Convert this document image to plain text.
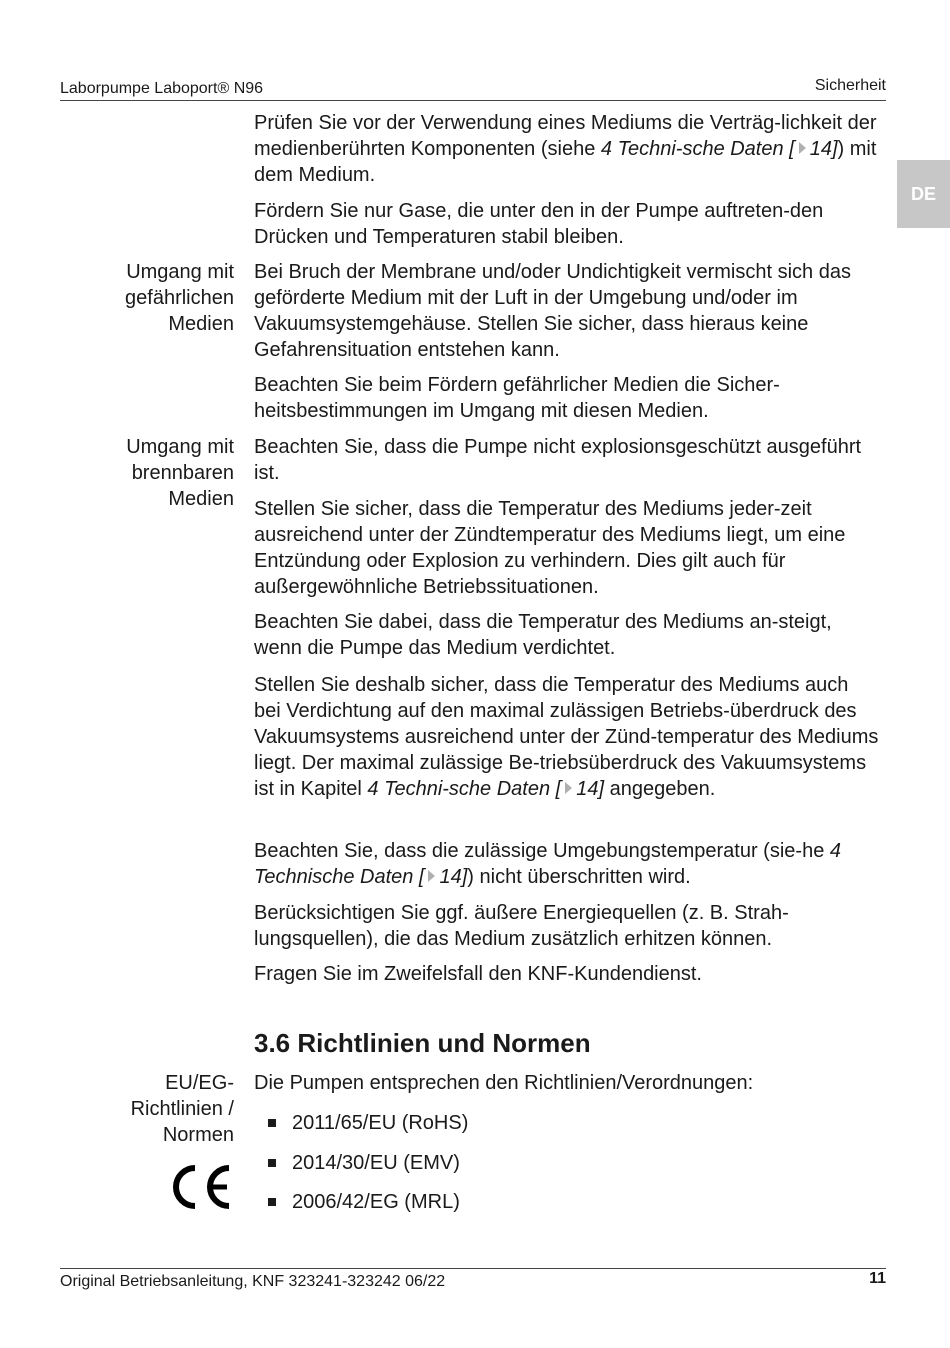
Laborpumpe Laboport® N96	Sicherheit
DE
Prüfen Sie vor der Verwendung eines Mediums die Verträg-lichkeit der medienberührten Komponenten (siehe 4 Techni-sche Daten [ 14]) mit dem Medium.
Fördern Sie nur Gase, die unter den in der Pumpe auftreten-den Drücken und Temperaturen stabil bleiben.
Umgang mit
gefährlichen
Medien
Bei Bruch der Membrane und/oder Undichtigkeit vermischt sich das geförderte Medium mit der Luft in der Umgebung und/oder im Vakuumsystemgehäuse. Stellen Sie sicher, dass hieraus keine Gefahrensituation entstehen kann.
Beachten Sie beim Fördern gefährlicher Medien die Sicher-heitsbestimmungen im Umgang mit diesen Medien.
Umgang mit
brennbaren
Medien
Beachten Sie, dass die Pumpe nicht explosionsgeschützt ausgeführt ist.
Stellen Sie sicher, dass die Temperatur des Mediums jeder-zeit ausreichend unter der Zündtemperatur des Mediums liegt, um eine Entzündung oder Explosion zu verhindern. Dies gilt auch für außergewöhnliche Betriebssituationen.
Beachten Sie dabei, dass die Temperatur des Mediums an-steigt, wenn die Pumpe das Medium verdichtet.
Stellen Sie deshalb sicher, dass die Temperatur des Mediums auch bei Verdichtung auf den maximal zulässigen Betriebs-überdruck des Vakuumsystems ausreichend unter der Zünd-temperatur des Mediums liegt. Der maximal zulässige Be-triebsüberdruck des Vakuumsystems ist in Kapitel 4 Techni-sche Daten [ 14] angegeben.
Beachten Sie, dass die zulässige Umgebungstemperatur (sie-he 4 Technische Daten [ 14]) nicht überschritten wird.
Berücksichtigen Sie ggf. äußere Energiequellen (z. B. Strah-lungsquellen), die das Medium zusätzlich erhitzen können.
Fragen Sie im Zweifelsfall den KNF-Kundendienst.
3.6 Richtlinien und Normen
EU/EG-
Richtlinien /
Normen
Die Pumpen entsprechen den Richtlinien/Verordnungen:
2011/65/EU (RoHS)
2014/30/EU (EMV)
2006/42/EG (MRL)
Original Betriebsanleitung, KNF 323241-323242 06/22	11
